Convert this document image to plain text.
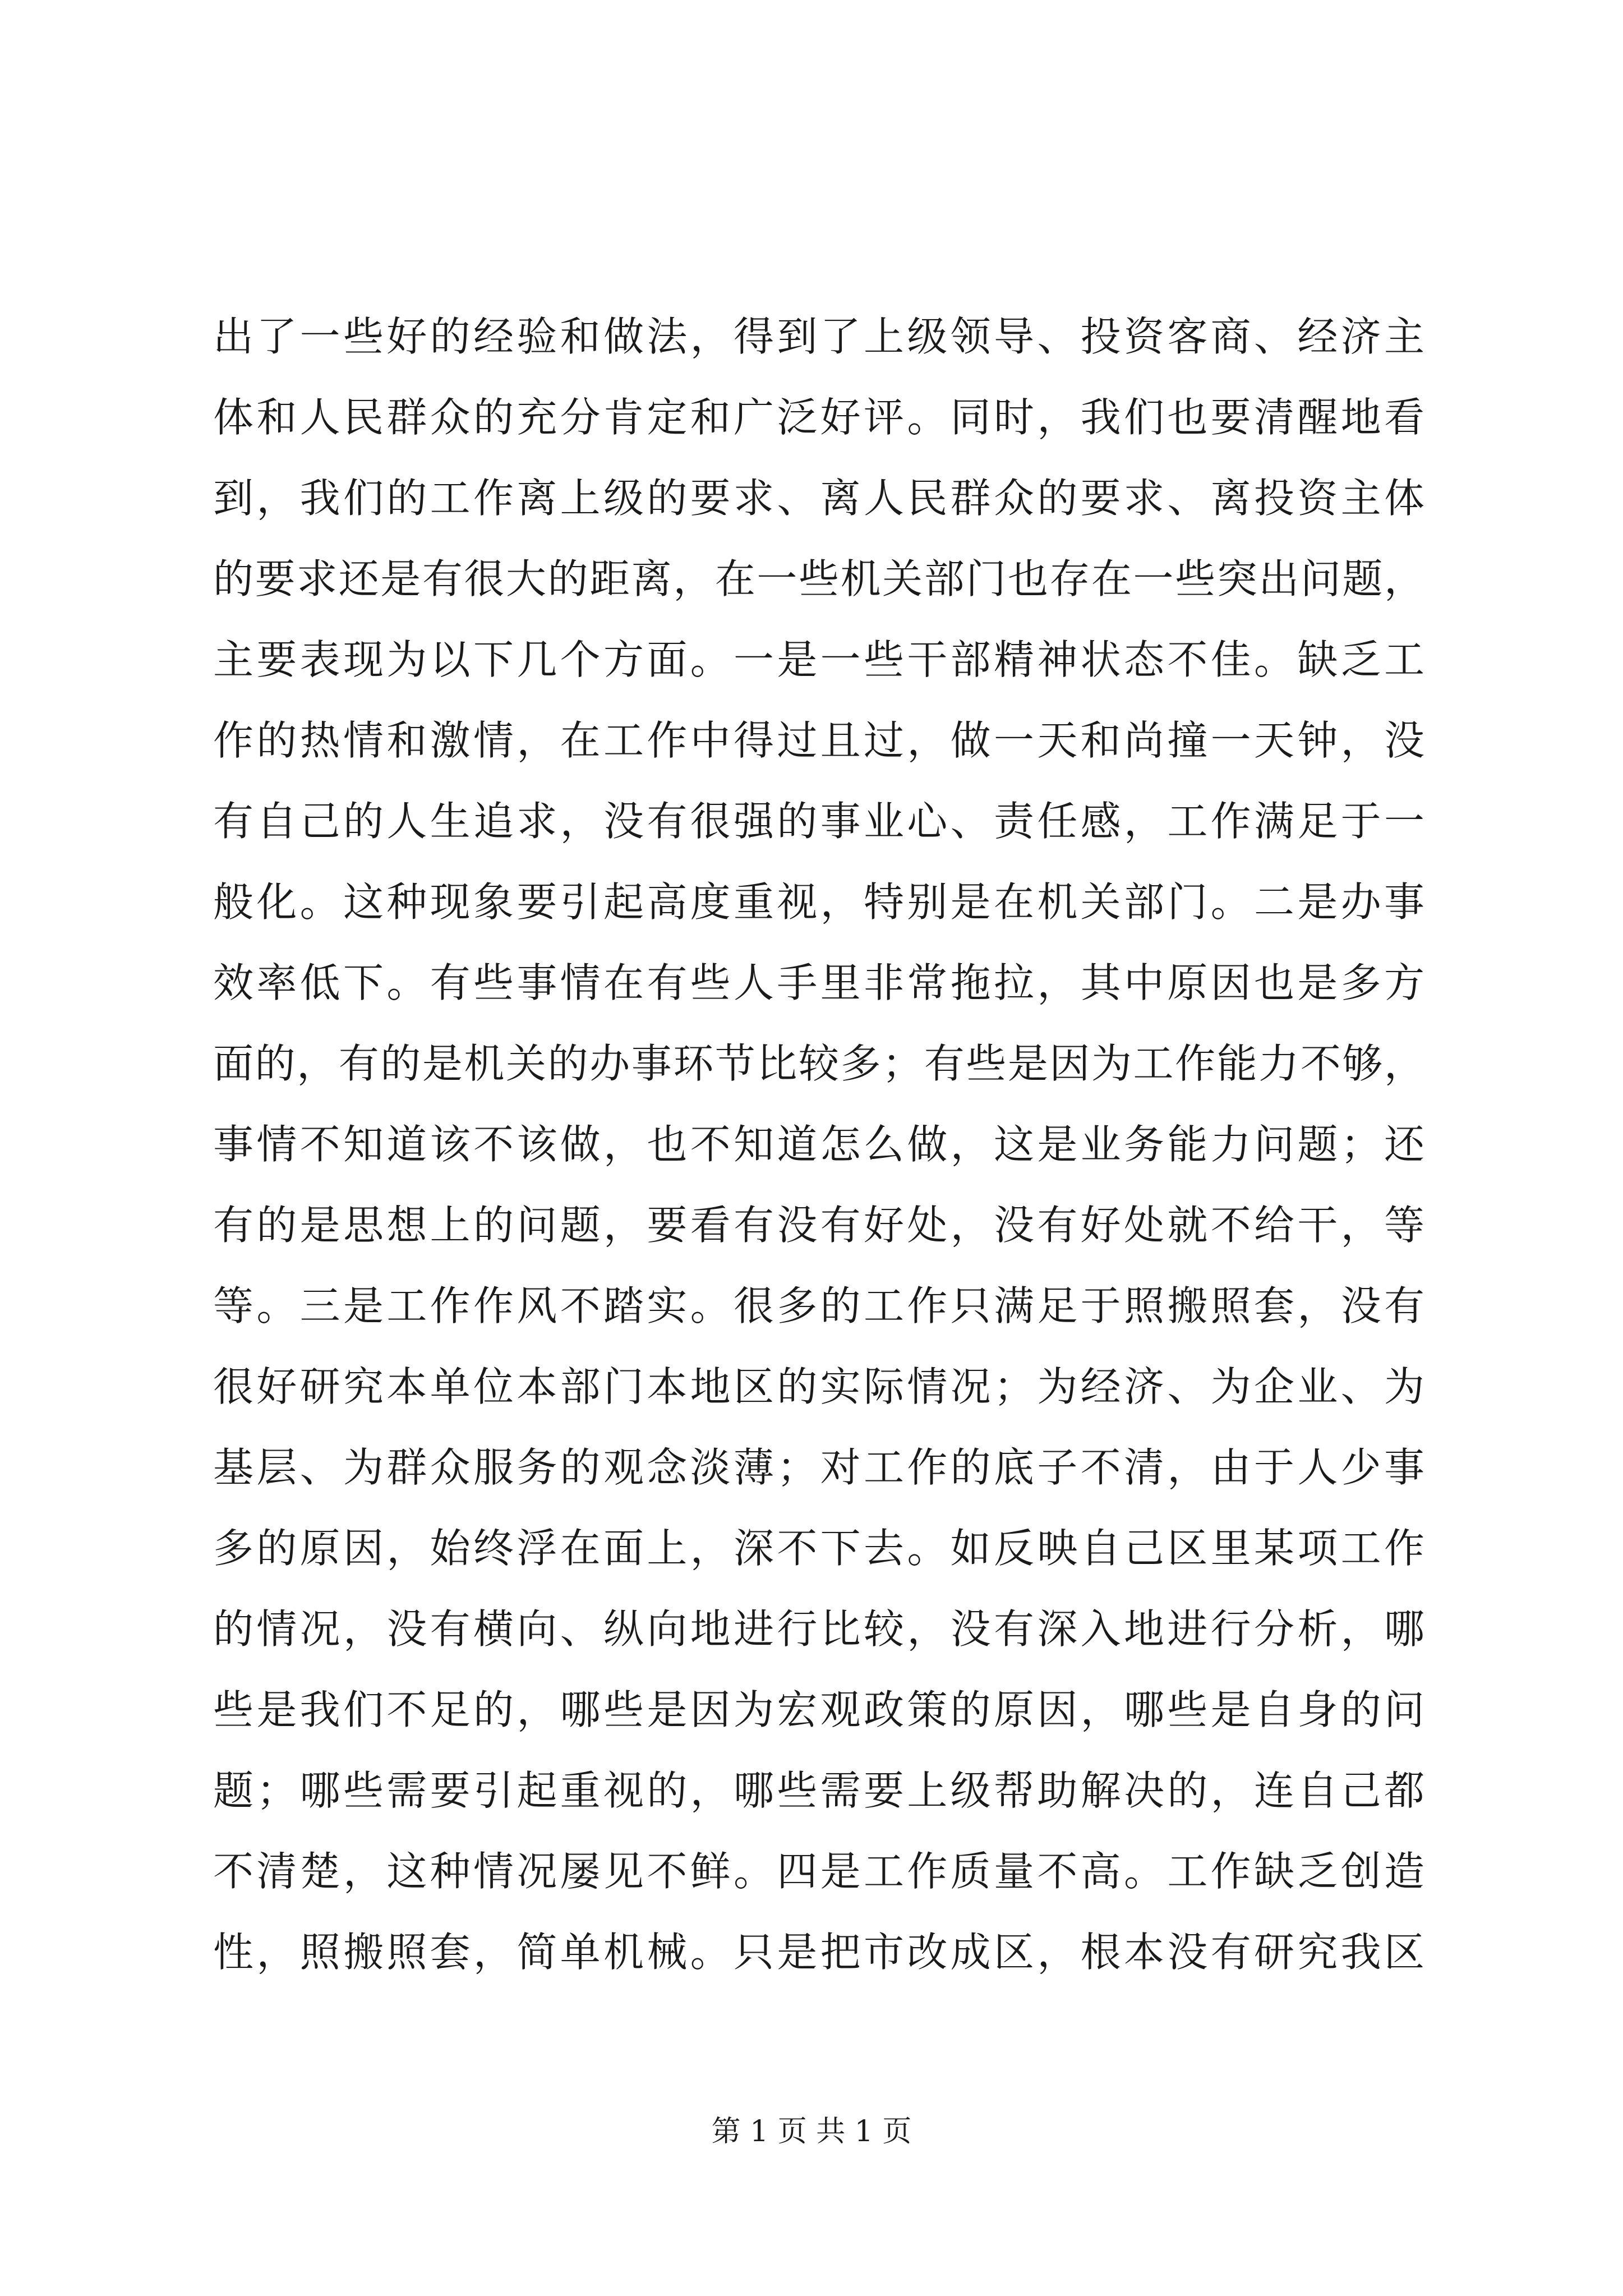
出了一些好的经验和做法，得到了上级领导、投资客商、经济主
体和人民群众的充分肯定和广泛好评。同时，我们也要清醒地看
到，我们的工作离上级的要求、离人民群众的要求、离投资主体
的要求还是有很大的距离，在一些机关部门也存在一些突出问题，
主要表现为以下几个方面。一是一些干部精神状态不佳。缺乏工
作的热情和激情，在工作中得过且过，做一天和尚撞一天钟，没
有自己的人生追求，没有很强的事业心、责任感，工作满足于一
般化。这种现象要引起高度重视，特别是在机关部门。二是办事
效率低下。有些事情在有些人手里非常拖拉，其中原因也是多方
面的，有的是机关的办事环节比较多；有些是因为工作能力不够，
事情不知道该不该做，也不知道怎么做，这是业务能力问题；还
有的是思想上的问题，要看有没有好处，没有好处就不给干，等
等。三是工作作风不踏实。很多的工作只满足于照搬照套，没有
很好研究本单位本部门本地区的实际情况；为经济、为企业、为
基层、为群众服务的观念淡薄；对工作的底子不清，由于人少事
多的原因，始终浮在面上，深不下去。如反映自己区里某项工作
的情况，没有横向、纵向地进行比较，没有深入地进行分析，哪
些是我们不足的，哪些是因为宏观政策的原因，哪些是自身的问
题；哪些需要引起重视的，哪些需要上级帮助解决的，连自己都
不清楚，这种情况屡见不鲜。四是工作质量不高。工作缺乏创造
性，照搬照套，简单机械。只是把市改成区，根本没有研究我区
第 1 页 共 1 页
